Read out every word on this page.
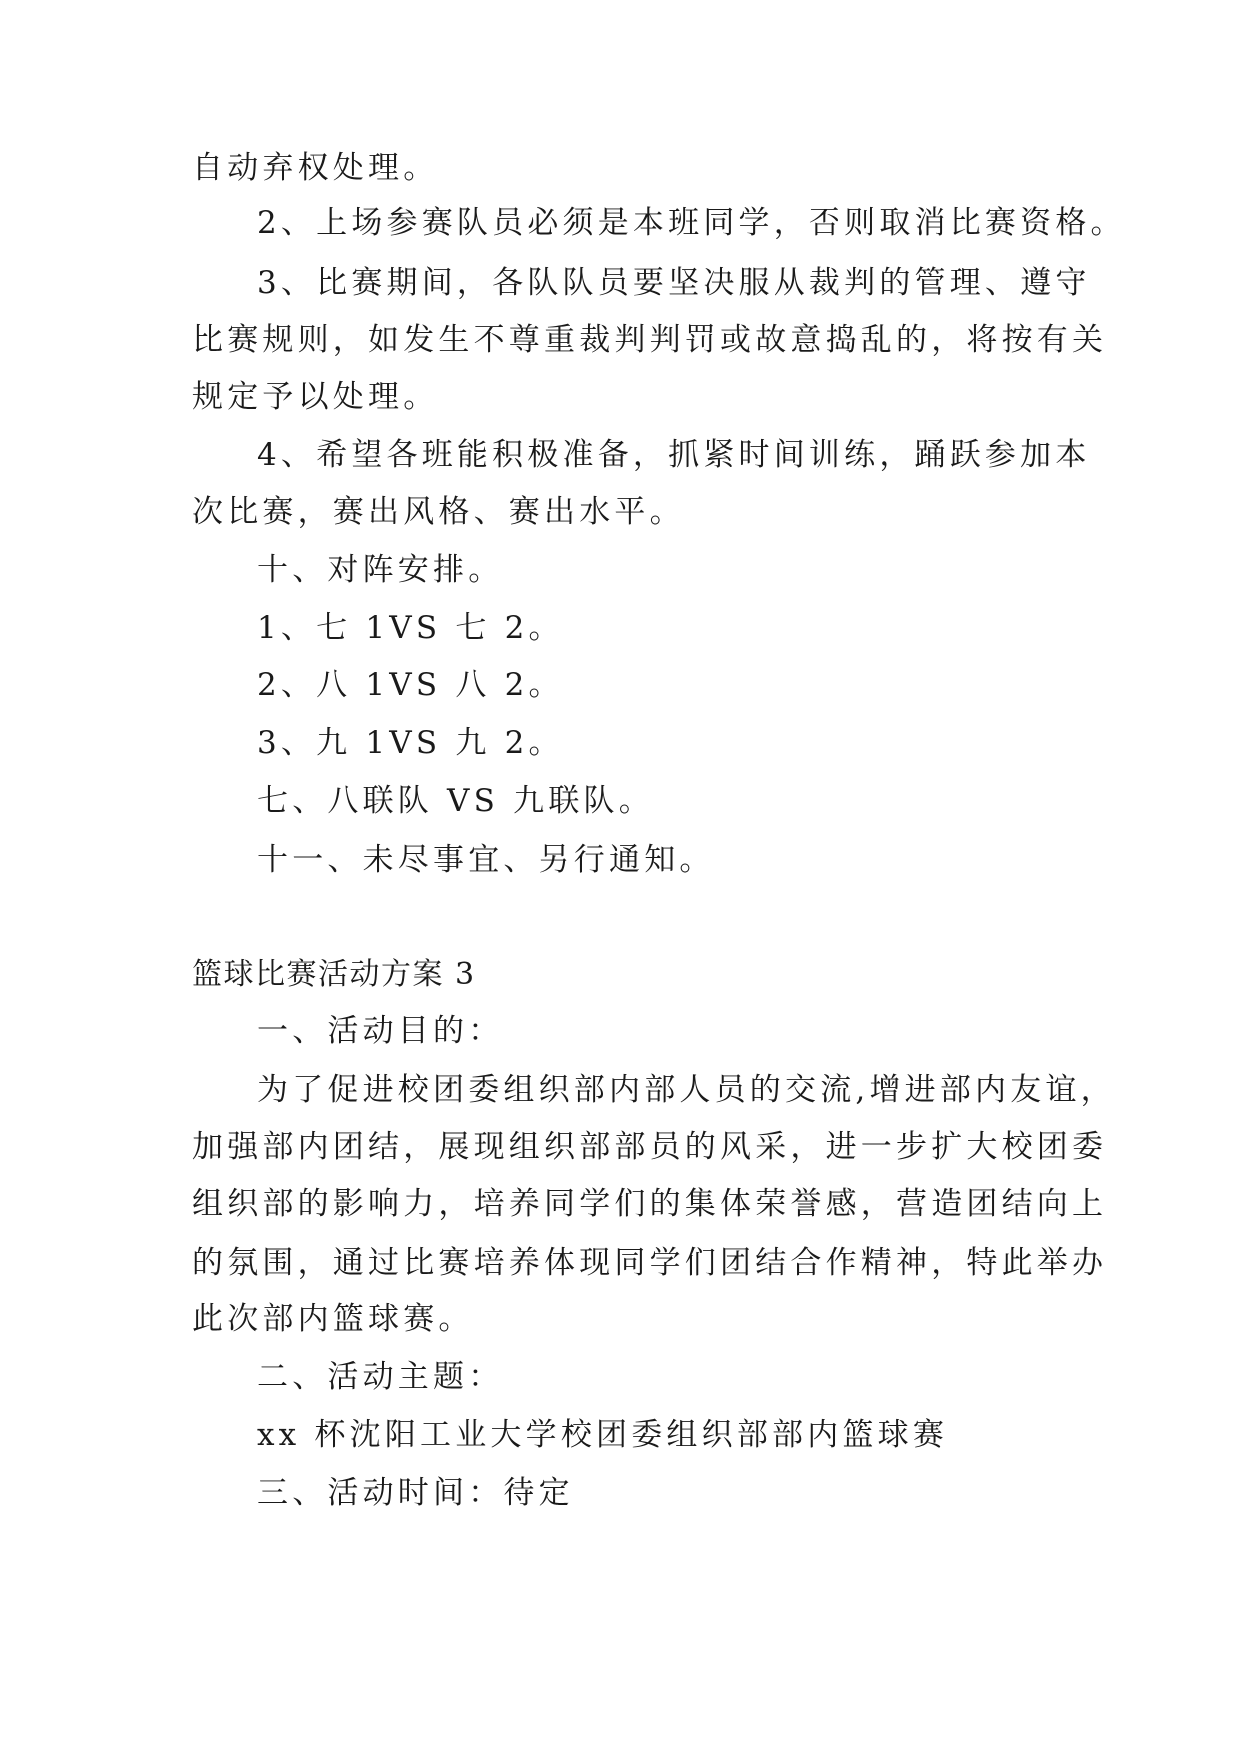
自动弃权处理。
2、上场参赛队员必须是本班同学，否则取消比赛资格。
3、比赛期间，各队队员要坚决服从裁判的管理、遵守
比赛规则，如发生不尊重裁判判罚或故意捣乱的，将按有关
规定予以处理。
4、希望各班能积极准备，抓紧时间训练，踊跃参加本
次比赛，赛出风格、赛出水平。
十、对阵安排。
1、七 1VS 七 2。
2、八 1VS 八 2。
3、九 1VS 九 2。
七、八联队 VS 九联队。
十一、未尽事宜、另行通知。
篮球比赛活动方案 3
一、活动目的：
为了促进校团委组织部内部人员的交流,增进部内友谊，
加强部内团结，展现组织部部员的风采，进一步扩大校团委
组织部的影响力，培养同学们的集体荣誉感，营造团结向上
的氛围，通过比赛培养体现同学们团结合作精神，特此举办
此次部内篮球赛。
二、活动主题：
xx 杯沈阳工业大学校团委组织部部内篮球赛
三、活动时间：待定
